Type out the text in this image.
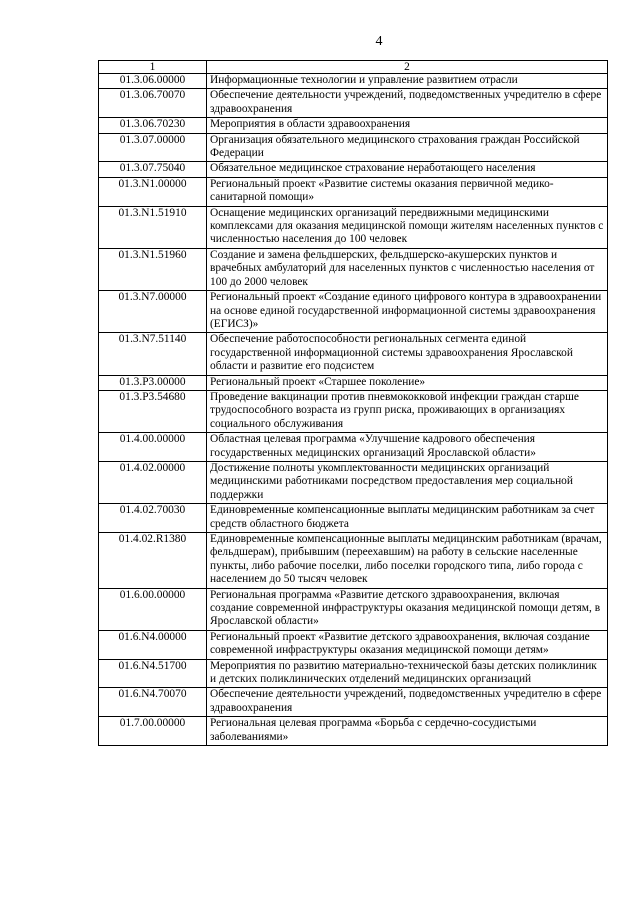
4
1	2
01.3.06.00000	Информационные технологии и управление развитием отрасли
01.3.06.70070	Обеспечение деятельности учреждений, подведомственных учредителю в сфере здравоохранения
01.3.06.70230	Мероприятия в области здравоохранения
01.3.07.00000	Организация обязательного медицинского страхования граждан Российской Федерации
01.3.07.75040	Обязательное медицинское страхование неработающего населения
01.3.N1.00000	Региональный проект «Развитие системы оказания первичной медико-санитарной помощи»
01.3.N1.51910	Оснащение медицинских организаций передвижными медицинскими комплексами для оказания медицинской помощи жителям населенных пунктов с численностью населения до 100 человек
01.3.N1.51960	Создание и замена фельдшерских, фельдшерско-акушерских пунктов и врачебных амбулаторий для населенных пунктов с численностью населения от 100 до 2000 человек
01.3.N7.00000	Региональный проект «Создание единого цифрового контура в здравоохранении на основе единой государственной информационной системы здравоохранения (ЕГИСЗ)»
01.3.N7.51140	Обеспечение работоспособности региональных сегмента единой государственной информационной системы здравоохранения Ярославской области и развитие его подсистем
01.3.P3.00000	Региональный проект «Старшее поколение»
01.3.P3.54680	Проведение вакцинации против пневмококковой инфекции граждан старше трудоспособного возраста из групп риска, проживающих в организациях социального обслуживания
01.4.00.00000	Областная целевая программа «Улучшение кадрового обеспечения государственных медицинских организаций Ярославской области»
01.4.02.00000	Достижение полноты укомплектованности медицинских организаций медицинскими работниками посредством предоставления мер социальной поддержки
01.4.02.70030	Единовременные компенсационные выплаты медицинским работникам за счет средств областного бюджета
01.4.02.R1380	Единовременные компенсационные выплаты медицинским работникам (врачам, фельдшерам), прибывшим (переехавшим) на работу в сельские населенные пункты, либо рабочие поселки, либо поселки городского типа, либо города с населением до 50 тысяч человек
01.6.00.00000	Региональная программа «Развитие детского здравоохранения, включая создание современной инфраструктуры оказания медицинской помощи детям, в Ярославской области»
01.6.N4.00000	Региональный проект «Развитие детского здравоохранения, включая создание современной инфраструктуры оказания медицинской помощи детям»
01.6.N4.51700	Мероприятия по развитию материально-технической базы детских поликлиник и детских поликлинических отделений медицинских организаций
01.6.N4.70070	Обеспечение деятельности учреждений, подведомственных учредителю в сфере здравоохранения
01.7.00.00000	Региональная целевая программа «Борьба с сердечно-сосудистыми заболеваниями»
